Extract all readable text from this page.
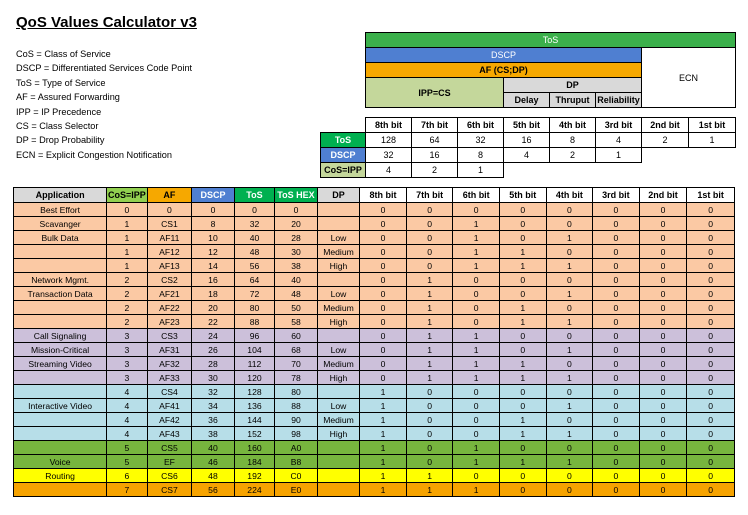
QoS Values Calculator v3
CoS = Class of Service
DSCP = Differentiated Services Code Point
ToS = Type of Service
AF = Assured Forwarding
IPP = IP Precedence
CS = Class Selector
DP = Drop Probability
ECN = Explicit Congestion Notification
ToS				
DSCP				ECN
AF (CS;DP)				
IPP=CS	DP			
	Delay	Thruput	Reliability	
	8th bit	7th bit	6th bit	5th bit	4th bit	3rd bit	2nd bit	1st bit
ToS	128	64	32	16	8	4	2	1
DSCP	32	16	8	4	2	1		
CoS=IPP	4	2	1					
Application	CoS=IPP	AF	DSCP	ToS	ToS HEX	DP	8th bit	7th bit	6th bit	5th bit	4th bit	3rd bit	2nd bit	1st bit
Best Effort	0	0	0	0	0		0	0	0	0	0	0	0	0
Scavanger	1	CS1	8	32	20		0	0	1	0	0	0	0	0
Bulk Data	1	AF11	10	40	28	Low	0	0	1	0	1	0	0	0
	1	AF12	12	48	30	Medium	0	0	1	1	0	0	0	0
	1	AF13	14	56	38	High	0	0	1	1	1	0	0	0
Network Mgmt.	2	CS2	16	64	40		0	1	0	0	0	0	0	0
Transaction Data	2	AF21	18	72	48	Low	0	1	0	0	1	0	0	0
	2	AF22	20	80	50	Medium	0	1	0	1	0	0	0	0
	2	AF23	22	88	58	High	0	1	0	1	1	0	0	0
Call Signaling	3	CS3	24	96	60		0	1	1	0	0	0	0	0
Mission-Critical	3	AF31	26	104	68	Low	0	1	1	0	1	0	0	0
Streaming Video	3	AF32	28	112	70	Medium	0	1	1	1	0	0	0	0
	3	AF33	30	120	78	High	0	1	1	1	1	0	0	0
	4	CS4	32	128	80		1	0	0	0	0	0	0	0
Interactive Video	4	AF41	34	136	88	Low	1	0	0	0	1	0	0	0
	4	AF42	36	144	90	Medium	1	0	0	1	0	0	0	0
	4	AF43	38	152	98	High	1	0	0	1	1	0	0	0
	5	CS5	40	160	A0		1	0	1	0	0	0	0	0
Voice	5	EF	46	184	B8		1	0	1	1	1	0	0	0
Routing	6	CS6	48	192	C0		1	1	0	0	0	0	0	0
	7	CS7	56	224	E0		1	1	1	0	0	0	0	0
